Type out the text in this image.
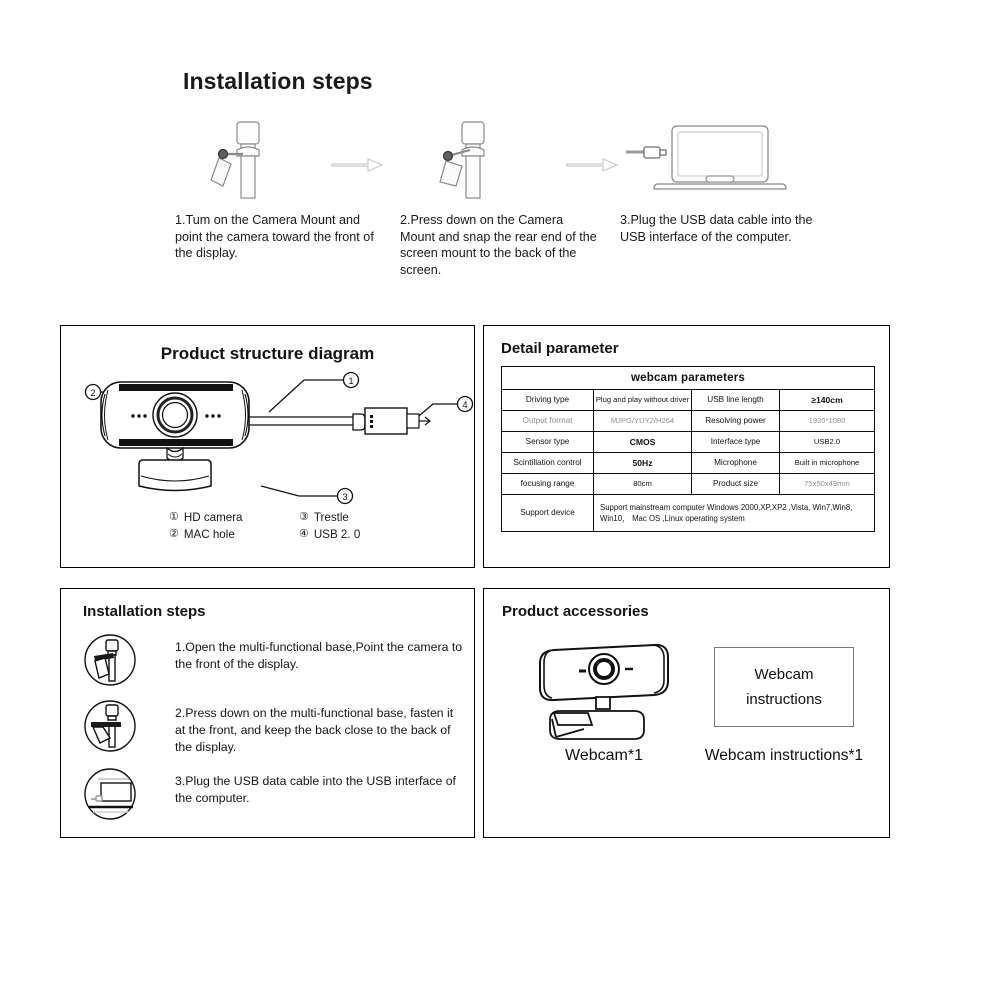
Installation steps
1.Tum on the Camera Mount and point the camera toward the front of the display.
2.Press down on the Camera Mount and snap the rear end of the screen mount to the back of the screen.
3.Plug the USB data cable into the USB interface of the computer.
Product structure diagram
1
2
4
3
① HD camera	③ Trestle
② MAC hole	④ USB 2. 0
Detail parameter
webcam parameters			
Driving type	Plug and play without driver	USB line length	≥140cm
Output format	MJPG/YUY2/H264	Resolving power	1920*1080
Sensor type	CMOS	Interface type	USB2.0
Scintillation control	50Hz	Microphone	Built in microphone
focusing range	80cm	Product size	75x50x49mm
Support device	Support mainstream computer Windows 2000,XP,XP2 ,Vista, Win7,Win8, Win10， Mac OS ,Linux operating system		
Installation steps
1.Open the multi-functional base,Point the camera to the front of the display.
2.Press down on the multi-functional base, fasten it at the front, and keep the back close to the back of the display.
3.Plug the USB data cable into the USB interface of the computer.
Product accessories
Webcam*1
Webcam
instructions
Webcam instructions*1
